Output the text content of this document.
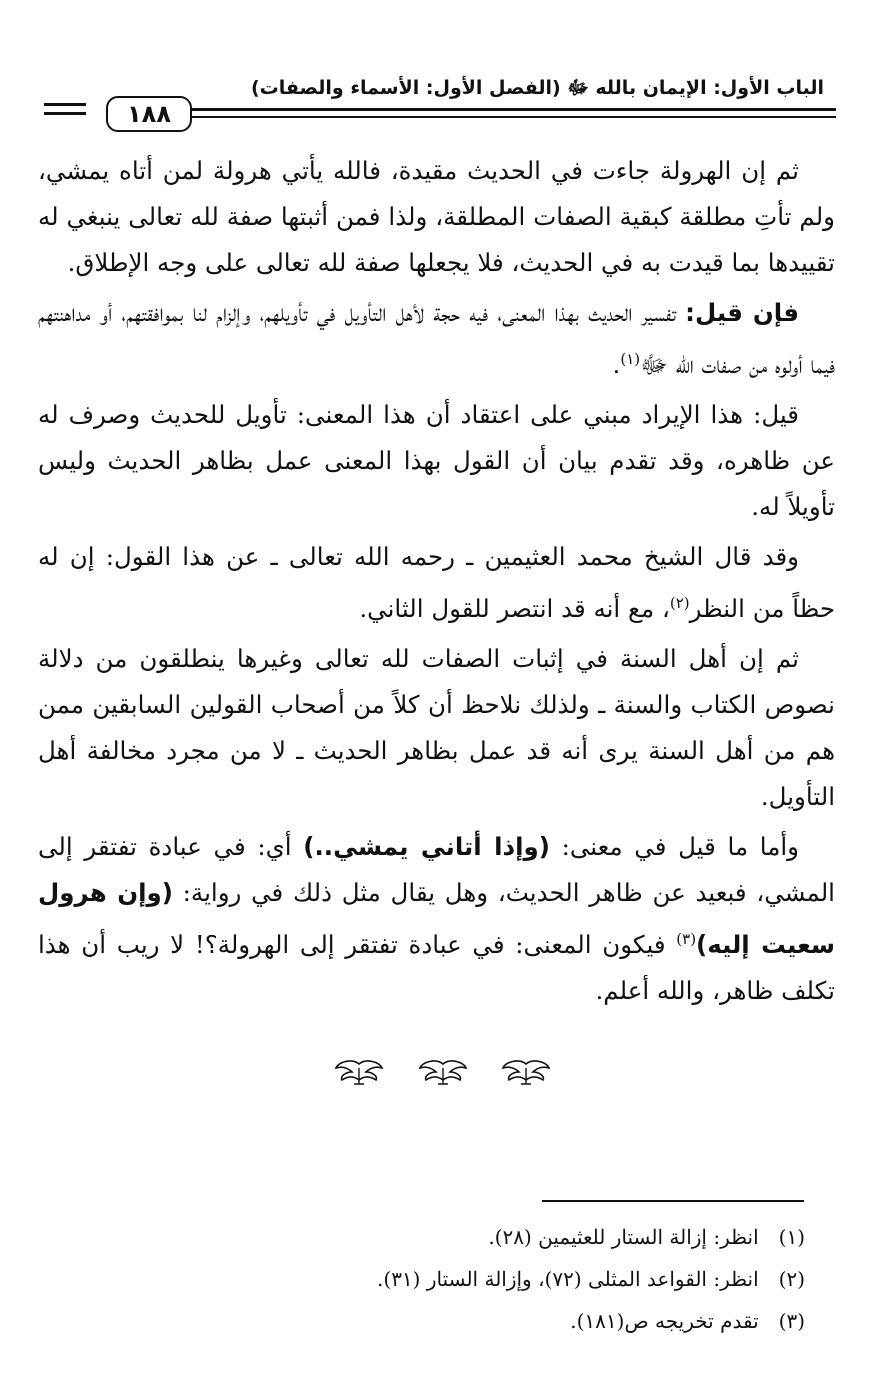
الباب الأول: الإيمان بالله ﷻ (الفصل الأول: الأسماء والصفات)
١٨٨

ثم إن الهرولة جاءت في الحديث مقيدة، فالله يأتي هرولة لمن أتاه يمشي، ولم تأتِ مطلقة كبقية الصفات المطلقة، ولذا فمن أثبتها صفة لله تعالى ينبغي له تقييدها بما قيدت به في الحديث، فلا يجعلها صفة لله تعالى على وجه الإطلاق.

فإن قيل: تفسير الحديث بهذا المعنى، فيه حجة لأهل التأويل في تأويلهم، وإلزام لنا بموافقتهم، أو مداهنتهم فيما أولوه من صفات الله ﷻ$^{(١)}$.

قيل: هذا الإيراد مبني على اعتقاد أن هذا المعنى: تأويل للحديث وصرف له عن ظاهره، وقد تقدم بيان أن القول بهذا المعنى عمل بظاهر الحديث وليس تأويلاً له.

وقد قال الشيخ محمد العثيمين ـ رحمه الله تعالى ـ عن هذا القول: إن له حظاً من النظر$^{(٢)}$، مع أنه قد انتصر للقول الثاني.

ثم إن أهل السنة في إثبات الصفات لله تعالى وغيرها ينطلقون من دلالة نصوص الكتاب والسنة ـ ولذلك نلاحظ أن كلاً من أصحاب القولين السابقين ممن هم من أهل السنة يرى أنه قد عمل بظاهر الحديث ـ لا من مجرد مخالفة أهل التأويل.

وأما ما قيل في معنى: (وإذا أتاني يمشي..) أي: في عبادة تفتقر إلى المشي، فبعيد عن ظاهر الحديث، وهل يقال مثل ذلك في رواية: (وإن هرول سعيت إليه)$^{(٣)}$ فيكون المعنى: في عبادة تفتقر إلى الهرولة؟! لا ريب أن هذا تكلف ظاهر، والله أعلم.

(١) انظر: إزالة الستار للعثيمين (٢٨).
(٢) انظر: القواعد المثلى (٧٢)، وإزالة الستار (٣١).
(٣) تقدم تخريجه ص(١٨١).
